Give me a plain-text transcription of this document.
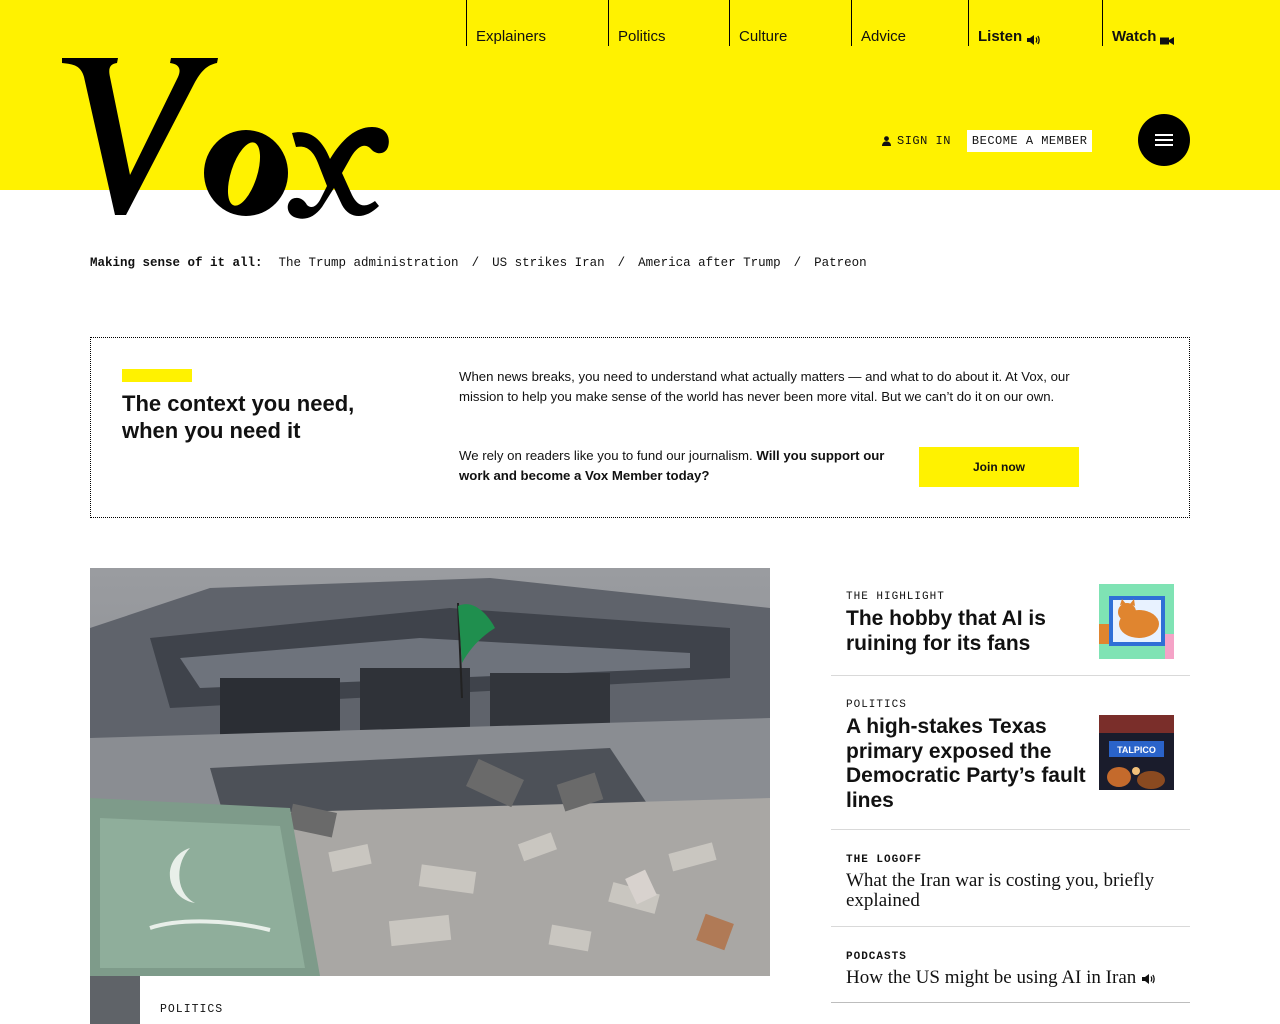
Explainers	Politics	Culture	Advice	Listen	Watch
SIGN IN	BECOME A MEMBER
Making sense of it all: The Trump administration / US strikes Iran / America after Trump / Patreon
The context you need, when you need it

When news breaks, you need to understand what actually matters — and what to do about it. At Vox, our mission to help you make sense of the world has never been more vital. But we can’t do it on our own.

We rely on readers like you to fund our journalism. Will you support our work and become a Vox Member today?

Join now
POLITICS
THE HIGHLIGHT
The hobby that AI is ruining for its fans
POLITICS
A high-stakes Texas primary exposed the Democratic Party’s fault lines
TALPICO
THE LOGOFF
What the Iran war is costing you, briefly explained
PODCASTS
How the US might be using AI in Iran
